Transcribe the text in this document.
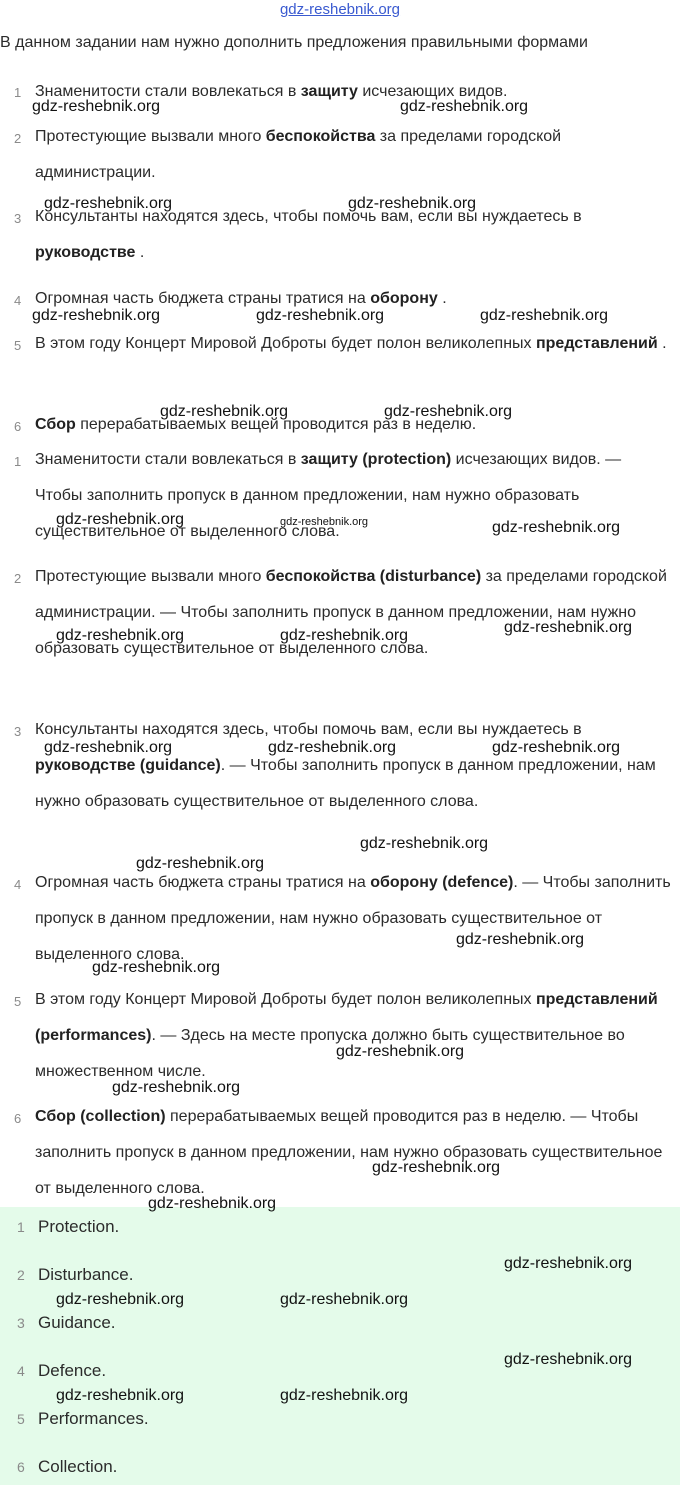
gdz-reshebnik.org
В данном задании нам нужно дополнить предложения правильными формами
1 Знаменитости стали вовлекаться в защиту исчезающих видов.
2 Протестующие вызвали много беспокойства за пределами городской администрации.
3 Консультанты находятся здесь, чтобы помочь вам, если вы нуждаетесь в руководстве .
4 Огромная часть бюджета страны тратися на оборону .
5 В этом году Концерт Мировой Доброты будет полон великолепных представлений .
6 Сбор перерабатываемых вещей проводится раз в неделю.
1 Знаменитости стали вовлекаться в защиту (protection) исчезающих видов. — Чтобы заполнить пропуск в данном предложении, нам нужно образовать существительное от выделенного слова.
2 Протестующие вызвали много беспокойства (disturbance) за пределами городской администрации. — Чтобы заполнить пропуск в данном предложении, нам нужно образовать существительное от выделенного слова.
3 Консультанты находятся здесь, чтобы помочь вам, если вы нуждаетесь в руководстве (guidance). — Чтобы заполнить пропуск в данном предложении, нам нужно образовать существительное от выделенного слова.
4 Огромная часть бюджета страны тратися на оборону (defence). — Чтобы заполнить пропуск в данном предложении, нам нужно образовать существительное от выделенного слова.
5 В этом году Концерт Мировой Доброты будет полон великолепных представлений (performances). — Здесь на месте пропуска должно быть существительное во множественном числе.
6 Сбор (collection) перерабатываемых вещей проводится раз в неделю. — Чтобы заполнить пропуск в данном предложении, нам нужно образовать существительное от выделенного слова.
1 Protection.
2 Disturbance.
3 Guidance.
4 Defence.
5 Performances.
6 Collection.
gdz-reshebnik.org	gdz-reshebnik.org
gdz-reshebnik.org	gdz-reshebnik.org
gdz-reshebnik.org	gdz-reshebnik.org	gdz-reshebnik.org
gdz-reshebnik.org	gdz-reshebnik.org
gdz-reshebnik.org	gdz-reshebnik.org	gdz-reshebnik.org
gdz-reshebnik.org
gdz-reshebnik.org	gdz-reshebnik.org
gdz-reshebnik.org	gdz-reshebnik.org	gdz-reshebnik.org
gdz-reshebnik.org
gdz-reshebnik.org
gdz-reshebnik.org
gdz-reshebnik.org
gdz-reshebnik.org
gdz-reshebnik.org
gdz-reshebnik.org
gdz-reshebnik.org
gdz-reshebnik.org
gdz-reshebnik.org	gdz-reshebnik.org
gdz-reshebnik.org
gdz-reshebnik.org	gdz-reshebnik.org
